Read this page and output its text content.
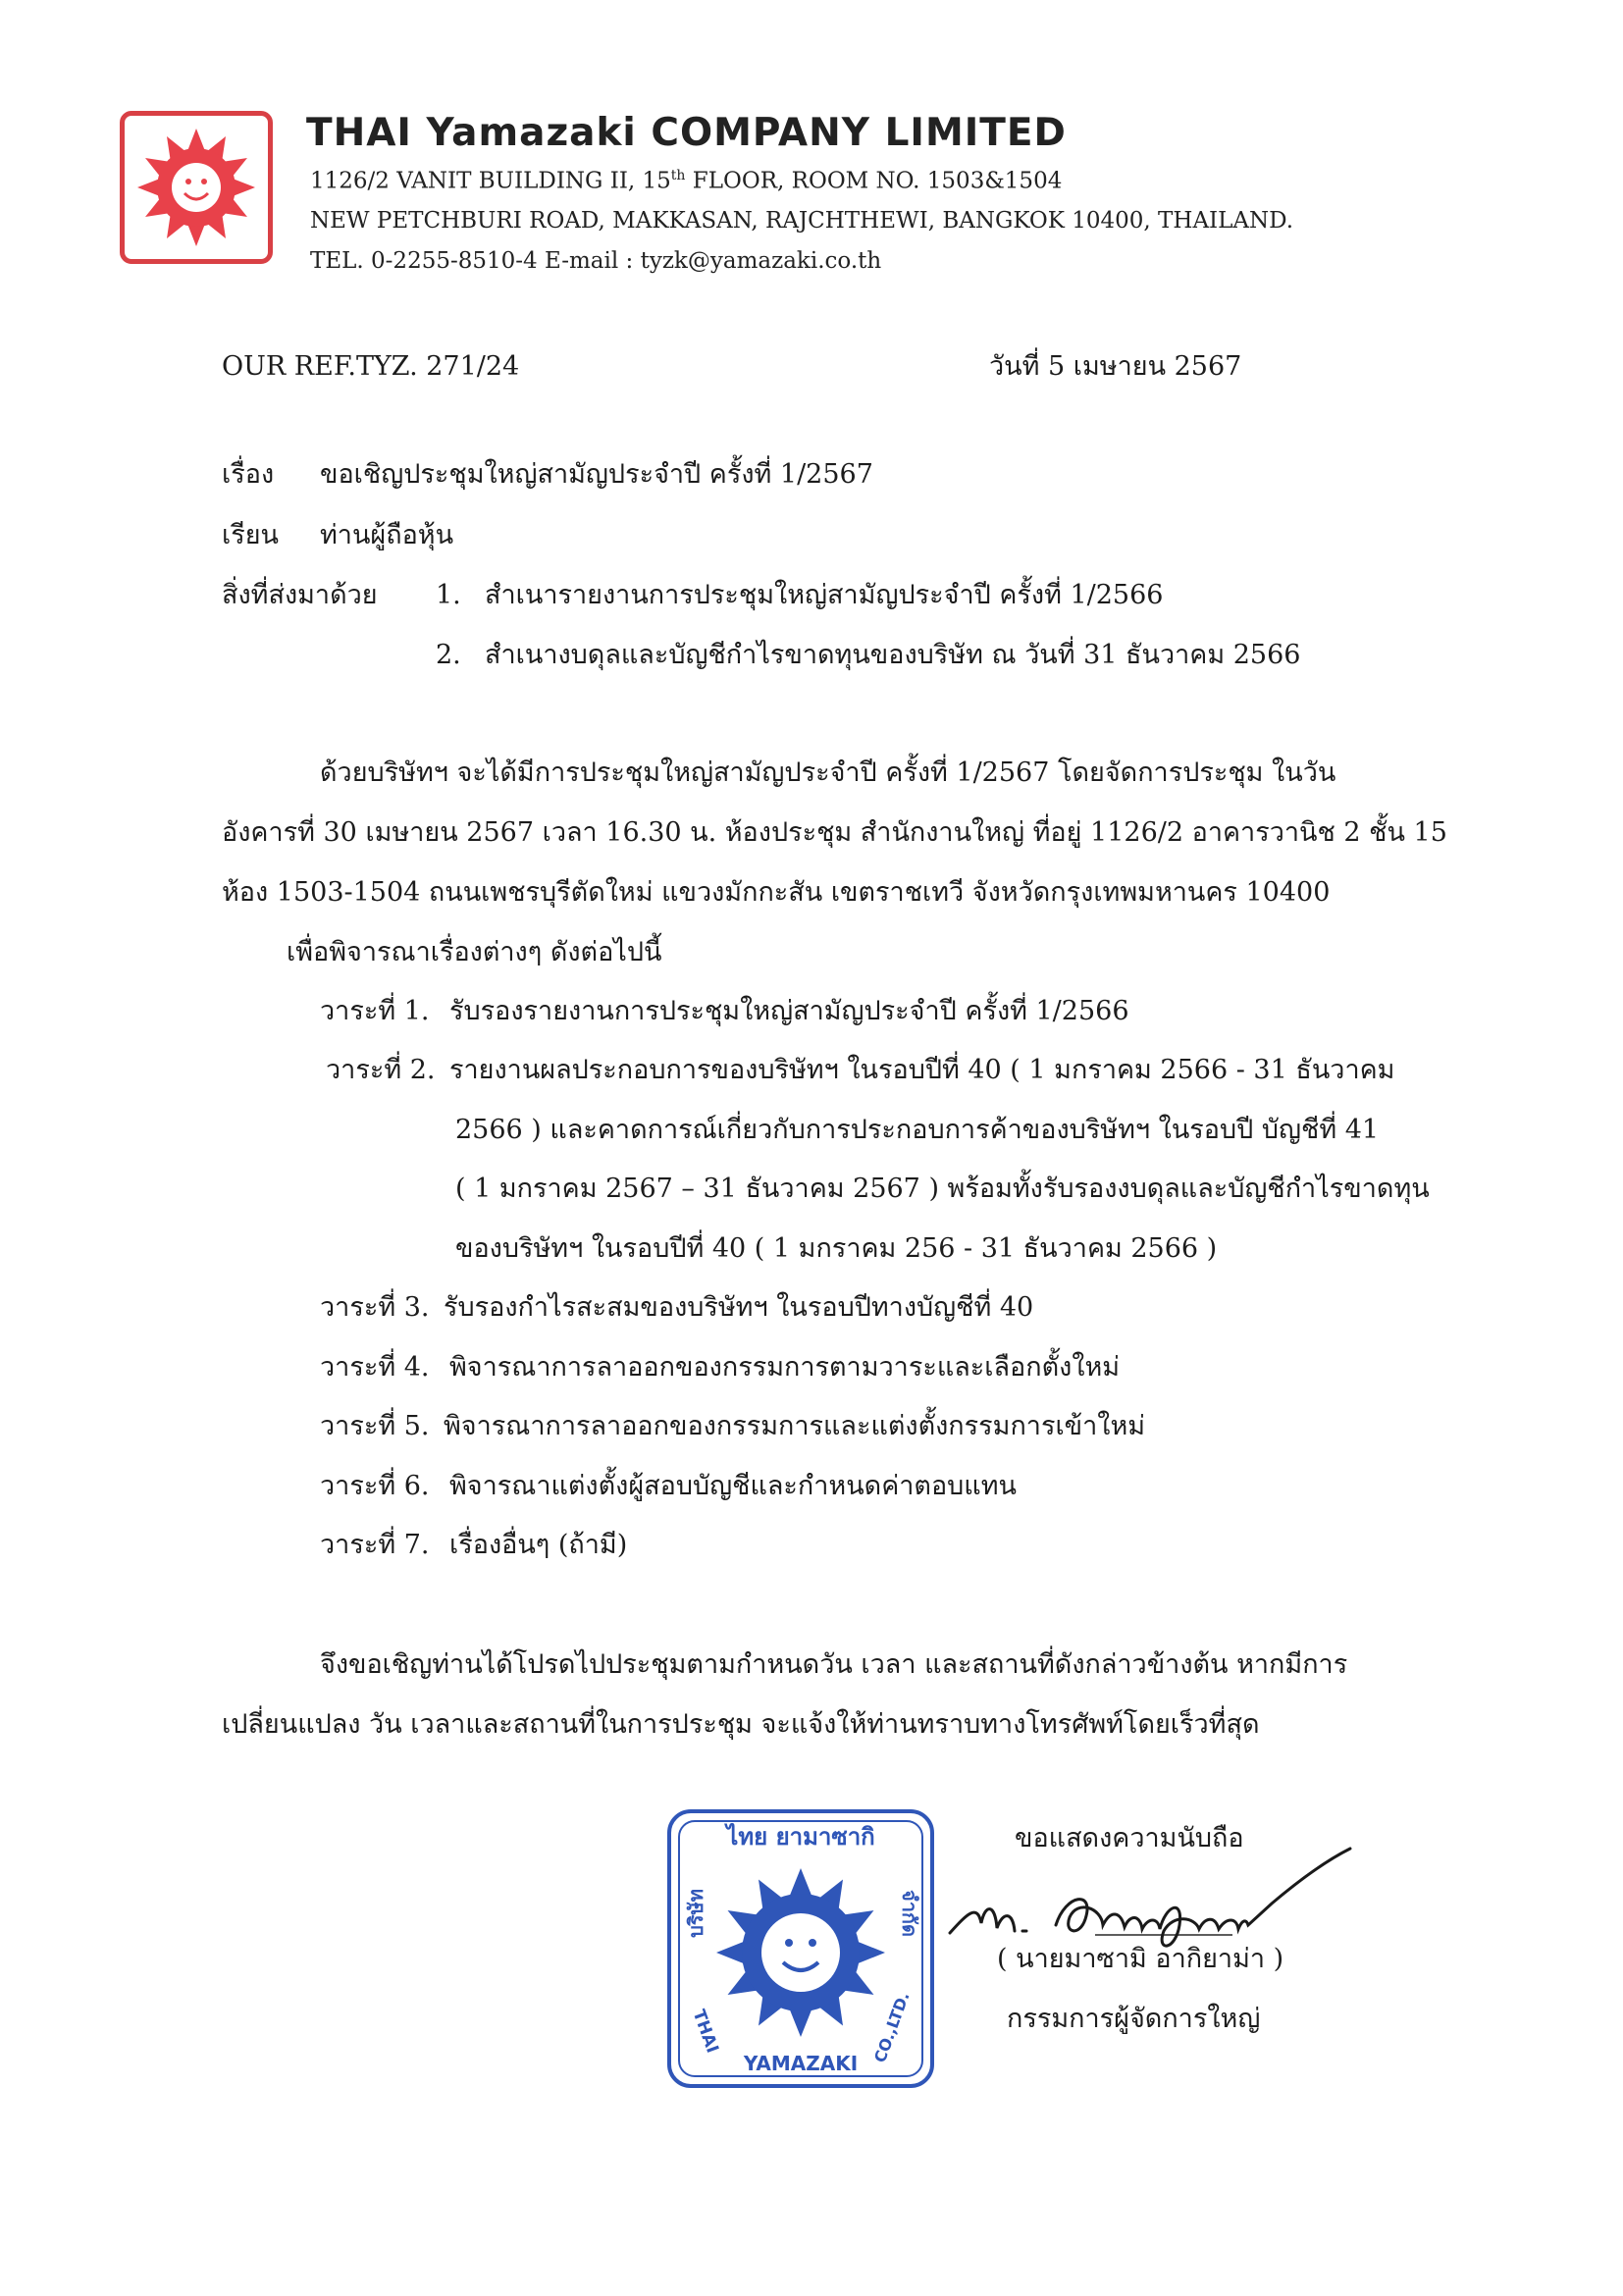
THAI Yamazaki COMPANY LIMITED
1126/2 VANIT BUILDING II, 15th FLOOR, ROOM NO. 1503&1504
NEW PETCHBURI ROAD, MAKKASAN, RAJCHTHEWI, BANGKOK 10400, THAILAND.
TEL. 0-2255-8510-4 E-mail : tyzk@yamazaki.co.th
OUR REF.TYZ. 271/24	วันที่ 5 เมษายน 2567
เรื่อง ขอเชิญประชุมใหญ่สามัญประจำปี ครั้งที่ 1/2567
เรียน ท่านผู้ถือหุ้น
สิ่งที่ส่งมาด้วย 1. สำเนารายงานการประชุมใหญ่สามัญประจำปี ครั้งที่ 1/2566
2. สำเนางบดุลและบัญชีกำไรขาดทุนของบริษัท ณ วันที่ 31 ธันวาคม 2566
ด้วยบริษัทฯ จะได้มีการประชุมใหญ่สามัญประจำปี ครั้งที่ 1/2567 โดยจัดการประชุม ในวัน
อังคารที่ 30 เมษายน 2567 เวลา 16.30 น. ห้องประชุม สำนักงานใหญ่ ที่อยู่ 1126/2 อาคารวานิช 2 ชั้น 15
ห้อง 1503-1504 ถนนเพชรบุรีตัดใหม่ แขวงมักกะสัน เขตราชเทวี จังหวัดกรุงเทพมหานคร 10400
เพื่อพิจารณาเรื่องต่างๆ ดังต่อไปนี้
วาระที่ 1. รับรองรายงานการประชุมใหญ่สามัญประจำปี ครั้งที่ 1/2566
วาระที่ 2. รายงานผลประกอบการของบริษัทฯ ในรอบปีที่ 40 ( 1 มกราคม 2566 - 31 ธันวาคม
2566 ) และคาดการณ์เกี่ยวกับการประกอบการค้าของบริษัทฯ ในรอบปี บัญชีที่ 41
( 1 มกราคม 2567 – 31 ธันวาคม 2567 ) พร้อมทั้งรับรองงบดุลและบัญชีกำไรขาดทุน
ของบริษัทฯ ในรอบปีที่ 40 ( 1 มกราคม 256 - 31 ธันวาคม 2566 )
วาระที่ 3. รับรองกำไรสะสมของบริษัทฯ ในรอบปีทางบัญชีที่ 40
วาระที่ 4. พิจารณาการลาออกของกรรมการตามวาระและเลือกตั้งใหม่
วาระที่ 5. พิจารณาการลาออกของกรรมการและแต่งตั้งกรรมการเข้าใหม่
วาระที่ 6. พิจารณาแต่งตั้งผู้สอบบัญชีและกำหนดค่าตอบแทน
วาระที่ 7. เรื่องอื่นๆ (ถ้ามี)
จึงขอเชิญท่านได้โปรดไปประชุมตามกำหนดวัน เวลา และสถานที่ดังกล่าวข้างต้น หากมีการ
เปลี่ยนแปลง วัน เวลาและสถานที่ในการประชุม จะแจ้งให้ท่านทราบทางโทรศัพท์โดยเร็วที่สุด
ไทย ยามาซากิ
บริษัท	จำกัด
YAMAZAKI
THAI	CO.,LTD.
ขอแสดงความนับถือ
( นายมาซามิ อากิยาม่า )
กรรมการผู้จัดการใหญ่
